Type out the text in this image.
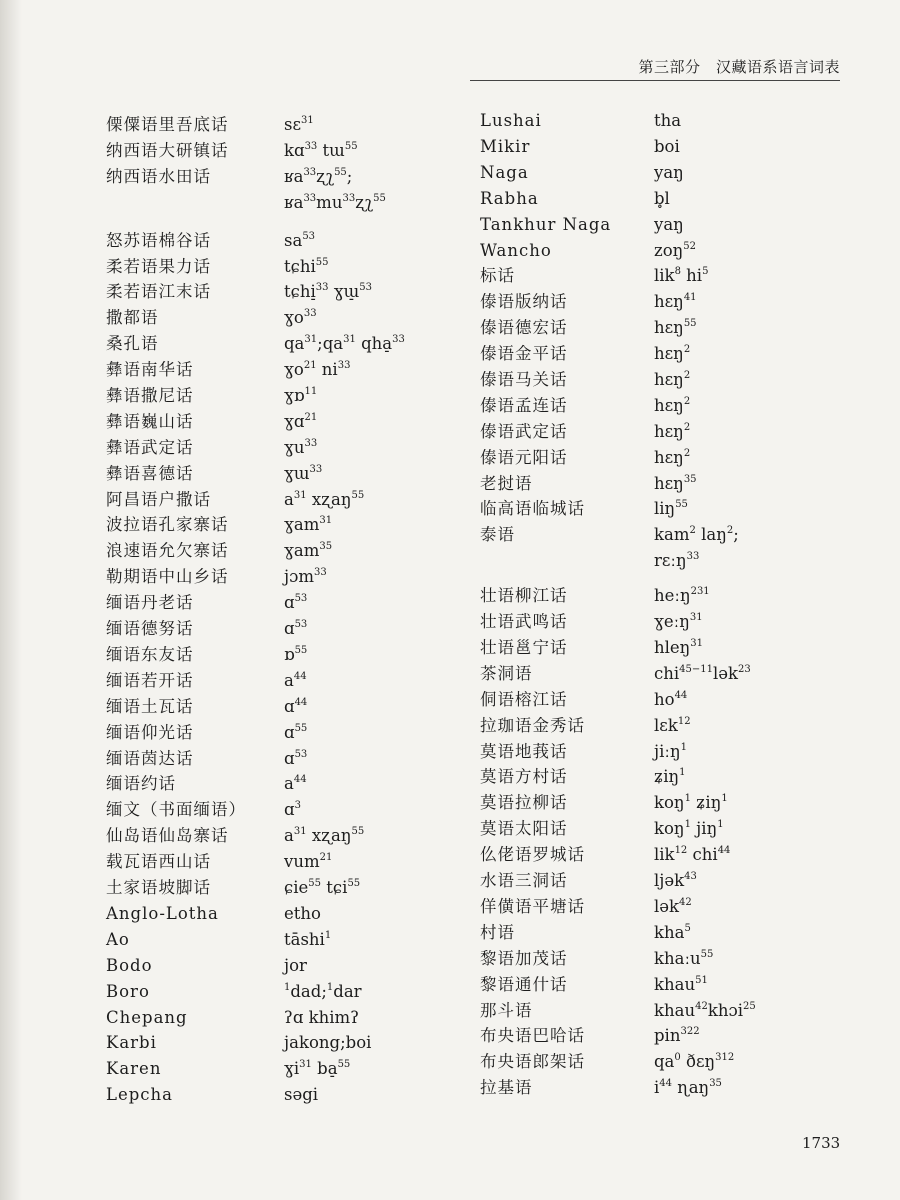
第三部分　汉藏语系语言词表
傈僳语里吾底话	sɛ$^{31}$
纳西语大研镇话	kɑ$^{33}$ tɯ$^{55}$
纳西语水田话	ʁa$^{33}$ʐʅ$^{55}$;
$ʁa^{33}mu^{33}ʐʅ^{55}$
怒苏语棉谷话	$sa^{53}$
柔若语果力话	tɕhi$^{55}$
柔若语江末话	tɕhi̠$^{33}$ ɣɯ̠$^{53}$
撒都语	ɣo$^{33}$
桑孔语	$qa^{31};qa^{31}$ qha̠$^{33}$
彝语南华话	ɣo$^{21}$ $ni^{33}$
彝语撒尼话	ɣɒ$^{11}$
彝语巍山话	ɣɑ$^{21}$
彝语武定话	ɣu$^{33}$
彝语喜德话	ɣɯ$^{33}$
阿昌语户撒话	$a^{31}$ xʐaŋ$^{55}$
波拉语孔家寨话	ɣam$^{31}$
浪速语允欠寨话	ɣam$^{35}$
勒期语中山乡话	jɔm$^{33}$
缅语丹老话	ɑ$^{53}$
缅语德努话	ɑ$^{53}$
缅语东友话	ɒ$^{55}$
缅语若开话	$a^{44}$
缅语土瓦话	ɑ$^{44}$
缅语仰光话	ɑ$^{55}$
缅语茵达话	ɑ$^{53}$
缅语约话	$a^{44}$
缅文（书面缅语） ɑ$^3$
仙岛语仙岛寨话	$a^{31}$ xʐaŋ$^{55}$
载瓦语西山话	vum$^{21}$
土家语坡脚话	ɕie$^{55}$ tɕi$^{55}$
Anglo-Lotha	etho
Ao	tāshi$^1$
Bodo	jor
Boro	$^1$dad;$^1$dar
Chepang	ʔɑ khimʔ
Karbi	jakong;boi
Karen	ɣi$^{31}$ ba̠$^{55}$
Lepcha	səgi
Lushai	tha
Mikir	boi
Naga	yaŋ
Rabha	b̥l
Tankhur Naga	yaŋ
Wancho	zoŋ$^{52}$
标话	lik$^8$ $hi^5$
傣语版纳话	hɛŋ$^{41}$
傣语德宏话	hɛŋ$^{55}$
傣语金平话	hɛŋ$^2$
傣语马关话	hɛŋ$^2$
傣语孟连话	hɛŋ$^2$
傣语武定话	hɛŋ$^2$
傣语元阳话	hɛŋ$^2$
老挝语	hɛŋ$^{35}$
临高语临城话	liŋ$^{55}$
泰语	kam$^2$ laŋ$^2$;
rɛːŋ$^{33}$
壮语柳江话	heːŋ$^{231}$
壮语武鸣话	ɣeːŋ$^{31}$
壮语邕宁话	hleŋ$^{31}$
茶洞语	chi$^{45-11}$lək$^{23}$
侗语榕江话	$ho^{44}$
拉珈语金秀话	lɛk$^{12}$
莫语地莪话	jiːŋ$^1$
莫语方村话	ʑiŋ$^1$
莫语拉柳话	koŋ$^1$ ʑiŋ$^1$
莫语太阳话	koŋ$^1$ jiŋ$^1$
仫佬语罗城话	lik$^{12}$ chi$^{44}$
水语三洞话	ljək$^{43}$
佯僙语平塘话	lək$^{42}$
村语	kha$^5$
黎语加茂话	khaːu$^{55}$
黎语通什话	khau$^{51}$
那斗语	khau$^{42}$khɔi$^{25}$
布央语巴哈话	pin$^{322}$
布央语郎架话	$qa^0$ ðɛŋ$^{312}$
拉基语	$i^{44}$ ɳaŋ$^{35}$
1733
